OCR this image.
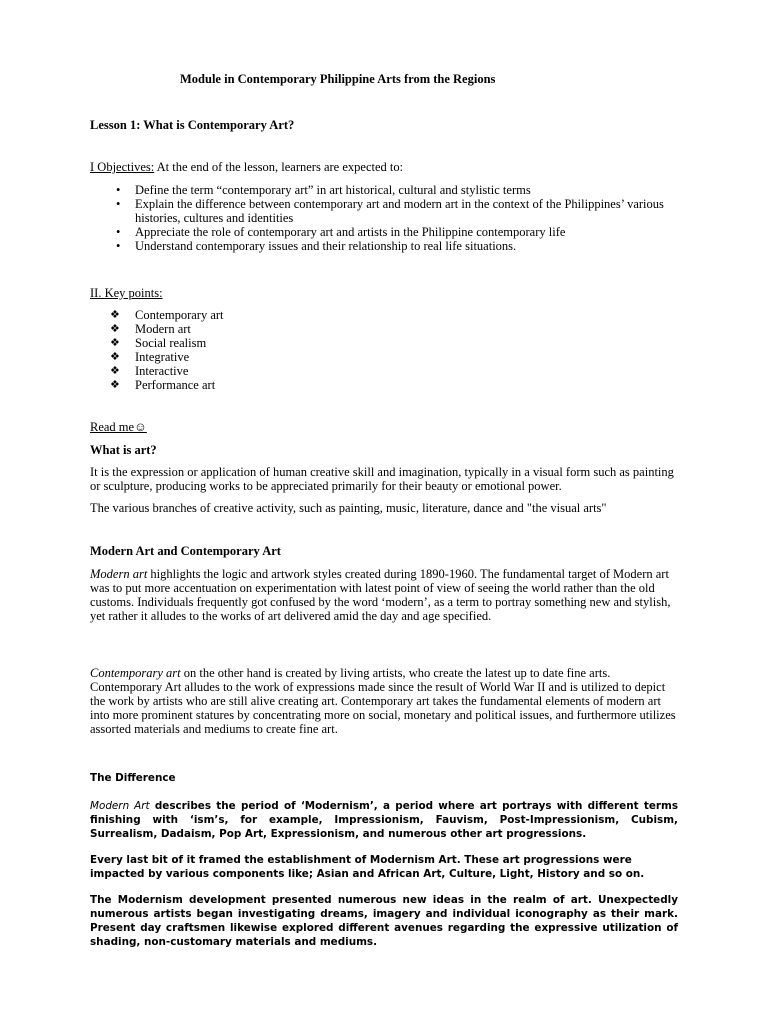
Module in Contemporary Philippine Arts from the Regions

Lesson 1: What is Contemporary Art?

I Objectives: At the end of the lesson, learners are expected to:

• Define the term “contemporary art” in art historical, cultural and stylistic terms
• Explain the difference between contemporary art and modern art in the context of the Philippines’ various histories, cultures and identities
• Appreciate the role of contemporary art and artists in the Philippine contemporary life
• Understand contemporary issues and their relationship to real life situations.

II. Key points:

❖ Contemporary art
❖ Modern art
❖ Social realism
❖ Integrative
❖ Interactive
❖ Performance art

Read me☺

What is art?

It is the expression or application of human creative skill and imagination, typically in a visual form such as painting or sculpture, producing works to be appreciated primarily for their beauty or emotional power.

The various branches of creative activity, such as painting, music, literature, dance and "the visual arts"

Modern Art and Contemporary Art

Modern art highlights the logic and artwork styles created during 1890-1960. The fundamental target of Modern art was to put more accentuation on experimentation with latest point of view of seeing the world rather than the old customs. Individuals frequently got confused by the word ‘modern’, as a term to portray something new and stylish, yet rather it alludes to the works of art delivered amid the day and age specified.

Contemporary art on the other hand is created by living artists, who create the latest up to date fine arts. Contemporary Art alludes to the work of expressions made since the result of World War II and is utilized to depict the work by artists who are still alive creating art. Contemporary art takes the fundamental elements of modern art into more prominent statures by concentrating more on social, monetary and political issues, and furthermore utilizes assorted materials and mediums to create fine art.

The Difference

Modern Art describes the period of ‘Modernism’, a period where art portrays with different terms finishing with ‘ism’s, for example, Impressionism, Fauvism, Post-Impressionism, Cubism, Surrealism, Dadaism, Pop Art, Expressionism, and numerous other art progressions.

Every last bit of it framed the establishment of Modernism Art. These art progressions were impacted by various components like; Asian and African Art, Culture, Light, History and so on.

The Modernism development presented numerous new ideas in the realm of art. Unexpectedly numerous artists began investigating dreams, imagery and individual iconography as their mark. Present day craftsmen likewise explored different avenues regarding the expressive utilization of shading, non-customary materials and mediums.
